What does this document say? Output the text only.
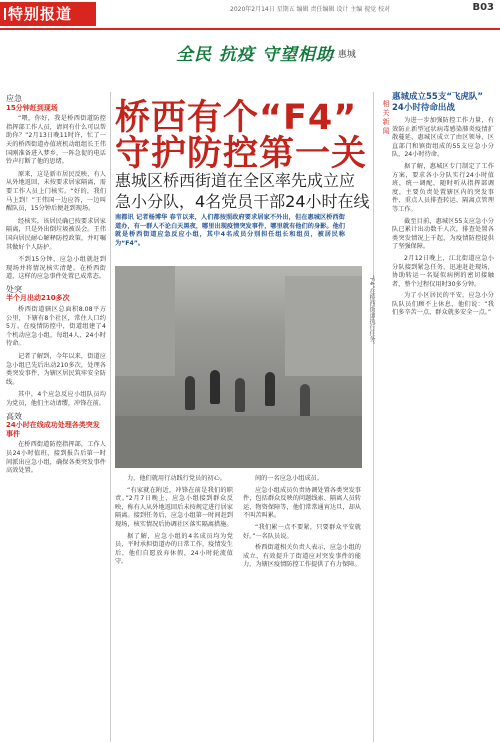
特别报道	2020年2月14日 星期五 编辑 责任编辑 设计 主编 视觉 校对	B03
全民 抗疫 守望相助
之 惠城
应急
15分钟赶到现场

“喂，你好，我是桥西街道防控指挥部工作人员，请问有什么可以帮助你？”2月13日晚11时许，忙了一天的桥西街道办值班机动组组长王伟国刚准备进入梦乡，一阵急促的电话铃声打断了他的思绪。

原来，这是新市居民反映，有人从外地返回，未按要求居家隔离，需要工作人员上门核实。“好的，我们马上到！”王伟国一边应答，一边叫醒队员，15分钟后便赶到现场。

经核实，该居民确已按要求居家隔离，只是外出倒垃圾被误会。王伟国向居民耐心解释防控政策，并叮嘱其做好个人防护。

不到15分钟，应急小组就赶到现场并将情况核实清楚。在桥西街道，这样的应急事件处置已成常态。

处突
半个月出动210多次

桥西街道辖区总面积8.08平方公里，下辖有8个社区，常住人口约5万。在疫情防控中，街道组建了4个机动应急小组，每组4人，24小时待命。

记者了解到，今年以来，街道应急小组已先后出动210多次，处理各类突发事件，为辖区居民筑牢安全防线。

其中，4个应急反应小组队员均为党员，他们主动请缨，冲锋在前。

高效
24小时在线成功处理各类突发事件

在桥西街道防控指挥部，工作人员24小时值班，接到报告后第一时间派出应急小组，确保各类突发事件高效处置。

桥西有个“F4”
守护防控第一关
惠城区桥西街道在全区率先成立应
急小分队，4名党员干部24小时在线
南都讯 记者杨博华 春节以来，人们都按照政府要求居家不外出，但在惠城区桥西街道办，有一群人不论白天黑夜，哪里出现疫情突发事件，哪里就有他们的身影。他们就是桥西街道应急反应小组，其中4名成员分别担任组长和组员，被居民称为“F4”。
“F4”在桥西街道执行任务。

力，他们就用行动践行党员的初心。

“有家就在附近，冲锋在前是我们的职责。”2月7日晚上，应急小组接到群众反映，称有人从外地返回后未按规定进行居家隔离。接到任务后，应急小组第一时间赶到现场，核实情况后协调社区落实隔离措施。

据了解，应急小组的4名成员均为党员，平时承担街道办的日常工作，疫情发生后，他们自愿放弃休假，24小时轮流值守。

间的一名应急小组成员。

应急小组成员负责协调处置各类突发事件，包括群众反映的问题线索、隔离人员转运、物资保障等，他们常常通宵达旦，却从不叫苦叫累。

“我们累一点不要紧，只要群众平安就好。”一名队员说。

桥西街道相关负责人表示，应急小组的成立，有效提升了街道应对突发事件的能力，为辖区疫情防控工作提供了有力保障。

相关新闻
惠城成立55支“飞虎队” 24小时待命出战

为进一步加强防控工作力量，有效防止新型冠状病毒感染肺炎疫情扩散蔓延，惠城区成立了由区领导、区直部门和镇街组成的55支应急小分队，24小时待命。

据了解，惠城区专门制定了工作方案，要求各小分队实行24小时值班，统一调配，随时听从指挥部调度，主要负责处置辖区内的突发事件、重点人员排查转运、隔离点管理等工作。

截至目前，惠城区55支应急小分队已累计出动数千人次，排查处置各类突发情况上千起，为疫情防控提供了坚强保障。

2月12日晚上，江北街道应急小分队接到紧急任务，迅速赶赴现场，协助转运一名疑似病例的密切接触者，整个过程仅用时30多分钟。

为了小区居民的平安，应急小分队队员们顾不上休息，他们说：“我们多辛苦一点，群众就多安全一点。”
